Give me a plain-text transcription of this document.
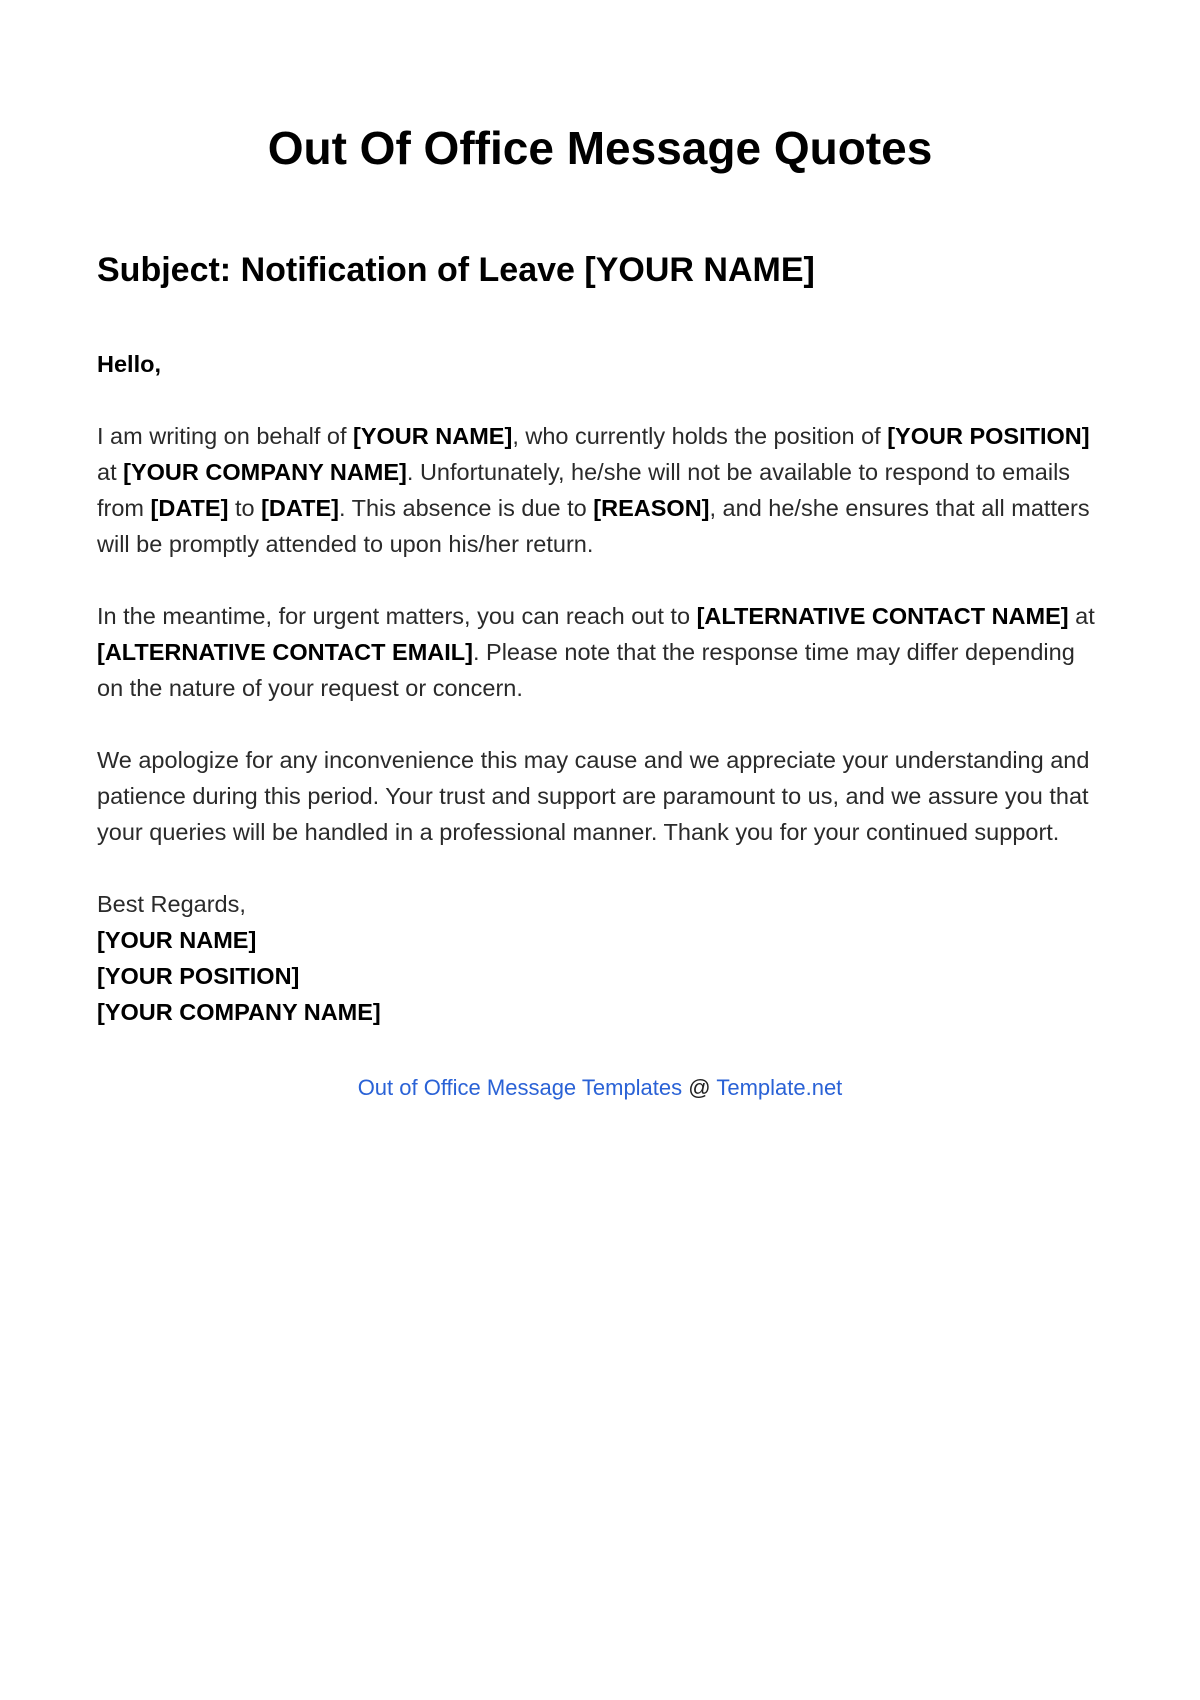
Out Of Office Message Quotes
Subject: Notification of Leave [YOUR NAME]

Hello,

I am writing on behalf of [YOUR NAME], who currently holds the position of [YOUR POSITION] at [YOUR COMPANY NAME]. Unfortunately, he/she will not be available to respond to emails from [DATE] to [DATE]. This absence is due to [REASON], and he/she ensures that all matters will be promptly attended to upon his/her return.

In the meantime, for urgent matters, you can reach out to [ALTERNATIVE CONTACT NAME] at [ALTERNATIVE CONTACT EMAIL]. Please note that the response time may differ depending on the nature of your request or concern.

We apologize for any inconvenience this may cause and we appreciate your understanding and patience during this period. Your trust and support are paramount to us, and we assure you that your queries will be handled in a professional manner. Thank you for your continued support.

Best Regards,
[YOUR NAME]
[YOUR POSITION]
[YOUR COMPANY NAME]
Out of Office Message Templates @ Template.net
